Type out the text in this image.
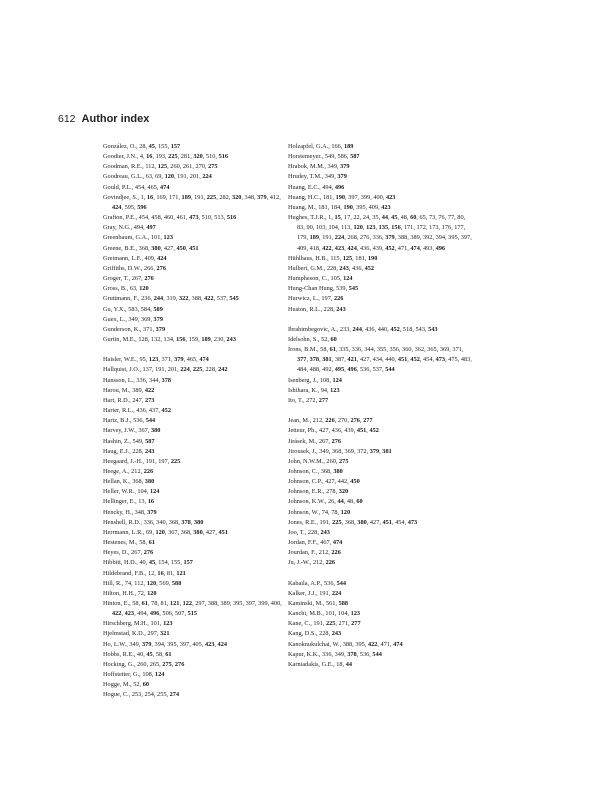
612 Author index
González, O., 28, 45, 155, 157
Goodier, J.N., 4, 16, 193, 225, 281, 320, 510, 516
Goodman, R.E., 112, 125, 260, 261, 270, 275
Goodreau, G.L., 63, 69, 120, 191, 201, 224
Gould, P.L., 454, 465, 474
Govindjee, S., 1, 16, 169, 171, 189, 191, 225, 282, 320, 348, 379, 412, 424, 595, 596
Grafton, P.E., 454, 458, 460, 461, 473, 510, 513, 516
Gray, N.G., 494, 497
Greenbaum, G.A., 101, 123
Greene, B.E., 368, 380, 427, 450, 451
Greimann, L.F., 409, 424
Griffiths, D.W., 266, 276
Groger, T., 267, 276
Gross, B., 63, 120
Gruttmann, F., 236, 244, 319, 322, 388, 422, 537, 545
Gu, Y.X., 583, 584, 589
Guex, L., 349, 369, 379
Gunderson, K., 371, 379
Gurtin, M.E., 128, 132, 134, 156, 159, 189, 230, 243
Haisler, W.E., 95, 123, 371, 379, 465, 474
Hallquist, J.O., 137, 191, 201, 224, 225, 228, 242
Hansson, L., 336, 344, 378
Harou, M., 389, 422
Hart, R.D., 247, 273
Harter, R.L., 436, 437, 452
Hartz, B.J., 536, 544
Harvey, J.W., 367, 380
Hashin, Z., 549, 587
Haug, E.J., 228, 243
Heegaard, J.-H., 191, 197, 225
Heege, A., 212, 226
Hellan, K., 368, 380
Heller, W.R., 104, 124
Hellinger, E., 13, 16
Hencky, H., 348, 379
Henshell, R.D., 336, 340, 368, 378, 380
Herrmann, L.R., 69, 120, 367, 368, 380, 427, 451
Hestenes, M., 58, 61
Heyes, D., 267, 276
Hibbitt, H.D., 40, 45, 154, 155, 157
Hildebrand, F.B., 12, 16, 81, 121
Hill, R., 74, 112, 120, 569, 588
Hilton, H.H., 72, 120
Hinton, E., 58, 61, 78, 81, 121, 122, 297, 388, 389, 395, 397, 399, 400, 422, 423, 494, 496, 506, 507, 515
Hirschberg, M.H., 101, 123
Hjelmstad, K.D., 297, 321
Ho, L.W., 349, 379, 394, 395, 397, 405, 423, 424
Hobbs, R.E., 40, 45, 58, 61
Hocking, G., 260, 265, 275, 276
Hoffstetter, G., 108, 124
Hogge, M., 52, 60
Hogue, C., 253, 254, 255, 274
Holzapfel, G.A., 166, 189
Horstemeyer., 549, 586, 587
Hrabok, M.M., 349, 379
Hrudey, T.M., 349, 379
Huang, E.C., 494, 496
Huang, H.C., 181, 190, 397, 399, 400, 423
Huang, M., 181, 184, 190, 395, 409, 423
Hughes, T.J.R., 1, 15, 17, 22, 24, 35, 44, 45, 48, 60, 65, 73, 76, 77, 80, 83, 90, 103, 104, 113, 120, 123, 135, 156, 171, 172, 173, 176, 177, 179, 189, 191, 224, 268, 276, 336, 379, 388, 389, 392, 394, 395, 397, 409, 418, 422, 423, 424, 436, 439, 452, 471, 474, 493, 496
Hühlhaus, H.B., 115, 125, 181, 190
Hulbert, G.M., 228, 243, 436, 452
Humpheson, C., 105, 124
Hung-Chan Hung, 539, 545
Hurwicz, L., 197, 226
Huston, R.L., 228, 243
Ibrahimbegovic, A., 233, 244, 436, 440, 452, 518, 543, 543
Idelsohn, S., 52, 60
Irons, B.M., 58, 61, 335, 336, 344, 355, 356, 360, 362, 365, 369, 371, 377, 378, 381, 387, 421, 427, 434, 440, 451, 452, 454, 473, 475, 483, 484, 488, 492, 495, 496, 536, 537, 544
Isenberg, J., 108, 124
Ishihara, K., 94, 123
Ito, T., 272, 277
Jean, M., 212, 226, 270, 276, 277
Jetteur, Ph., 427, 436, 439, 451, 452
Jirásek, M., 267, 276
Jirousek, J., 349, 368, 369, 372, 379, 381
John, N.W.M., 260, 275
Johnson, C., 368, 380
Johnson, C.P., 427, 442, 450
Johnson, E.R., 278, 320
Johnson, K.W., 26, 44, 48, 60
Johnson, W., 74, 78, 120
Jones, R.E., 191, 225, 368, 380, 427, 451, 454, 473
Joo, T., 228, 243
Jordan, F.F., 467, 474
Jourdan, F., 212, 226
Ju, J.-W., 212, 226
Kabaila, A.P., 536, 544
Kalker, J.J., 191, 224
Kaminski, M., 561, 588
Kanchi, M.B., 101, 104, 123
Kane, C., 191, 225, 271, 277
Kang, D.S., 228, 243
Kanoknukulchai, W., 388, 395, 422, 471, 474
Kapur, K.K., 336, 349, 378, 536, 544
Karniadakis, G.E., 18, 44
